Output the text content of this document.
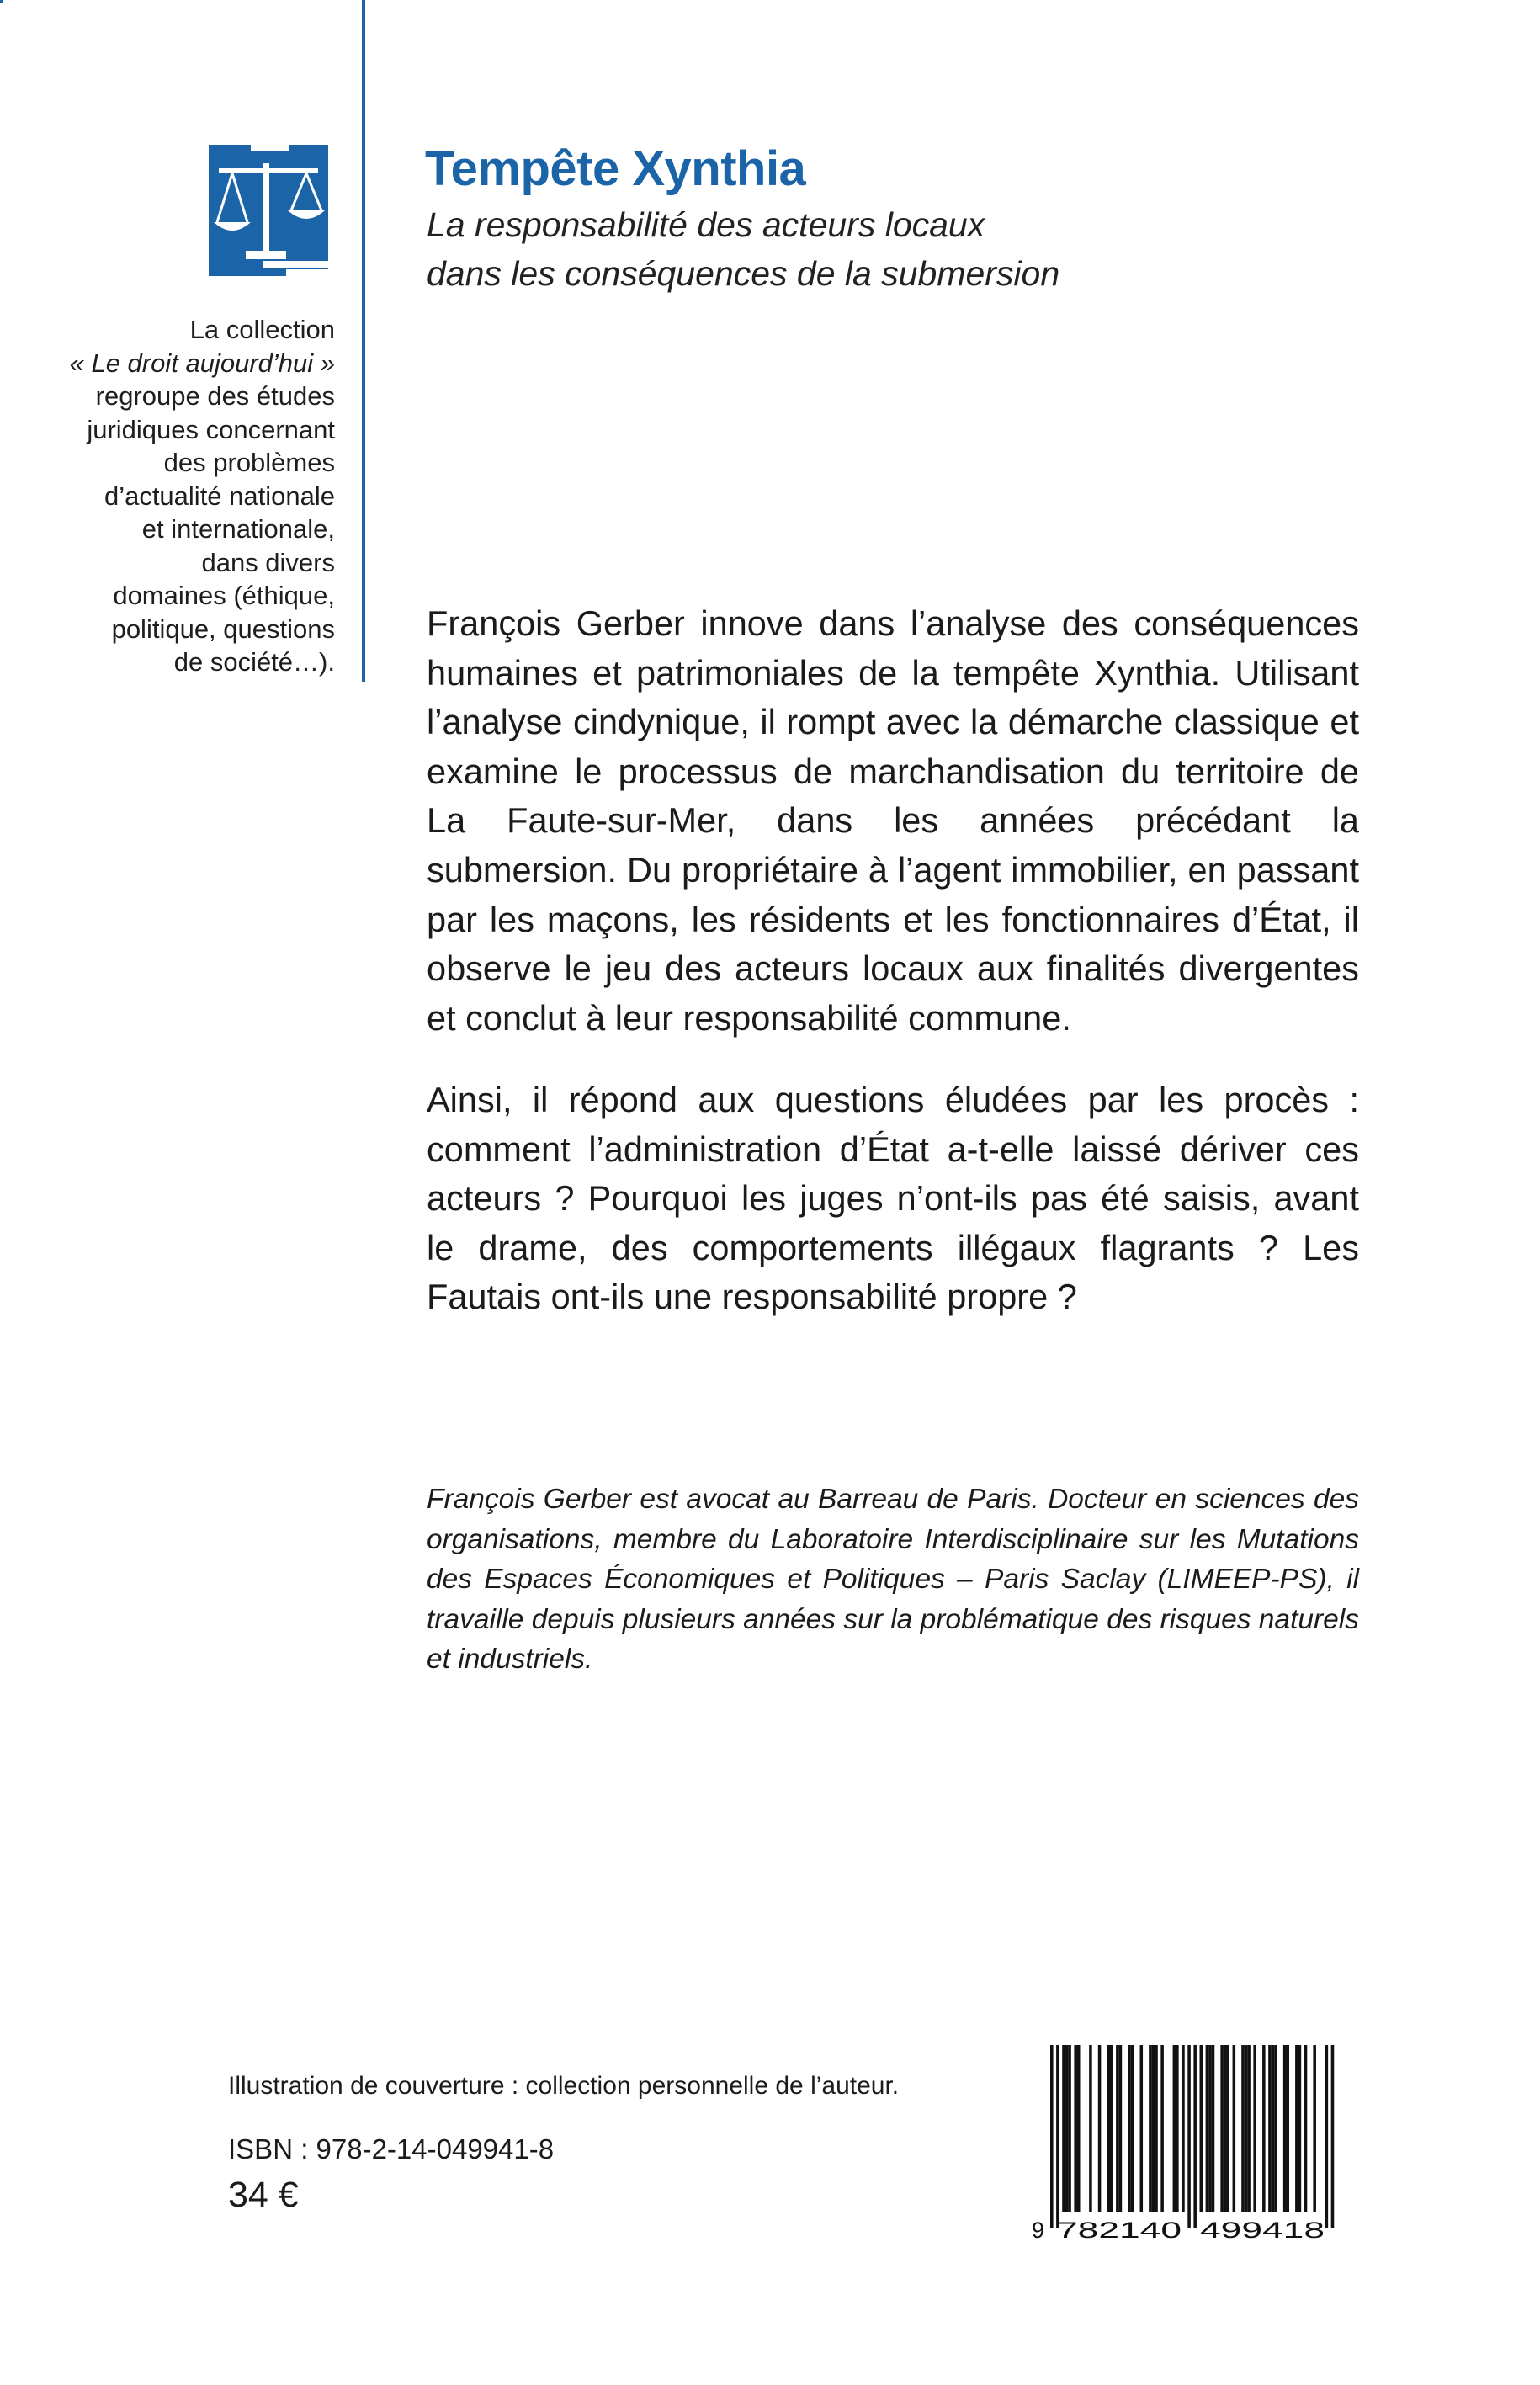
La collection
« Le droit aujourd’hui »
regroupe des études
juridiques concernant
des problèmes
d’actualité nationale
et internationale,
dans divers
domaines (éthique,
politique, questions
de société…).
Tempête Xynthia
La responsabilité des acteurs locaux
dans les conséquences de la submersion

François Gerber innove dans l’analyse des conséquences humaines et patrimoniales de la tempête Xynthia. Utilisant l’analyse cindynique, il rompt avec la démarche classique et examine le processus de marchandisation du territoire de La Faute-sur-Mer, dans les années précédant la submersion. Du propriétaire à l’agent immobilier, en passant par les maçons, les résidents et les fonctionnaires d’État, il observe le jeu des acteurs locaux aux finalités divergentes et conclut à leur responsabilité commune.

Ainsi, il répond aux questions éludées par les procès : comment l’administration d’État a-t-elle laissé dériver ces acteurs ? Pourquoi les juges n’ont-ils pas été saisis, avant le drame, des comportements illégaux flagrants ? Les Fautais ont-ils une responsabilité propre ?

François Gerber est avocat au Barreau de Paris. Docteur en sciences des organisations, membre du Laboratoire Interdisciplinaire sur les Mutations des Espaces Économiques et Politiques – Paris Saclay (LIMEEP-PS), il travaille depuis plusieurs années sur la problématique des risques naturels et industriels.

Illustration de couverture : collection personnelle de l’auteur.
ISBN : 978-2-14-049941-8
34 €
9 782140 499418
